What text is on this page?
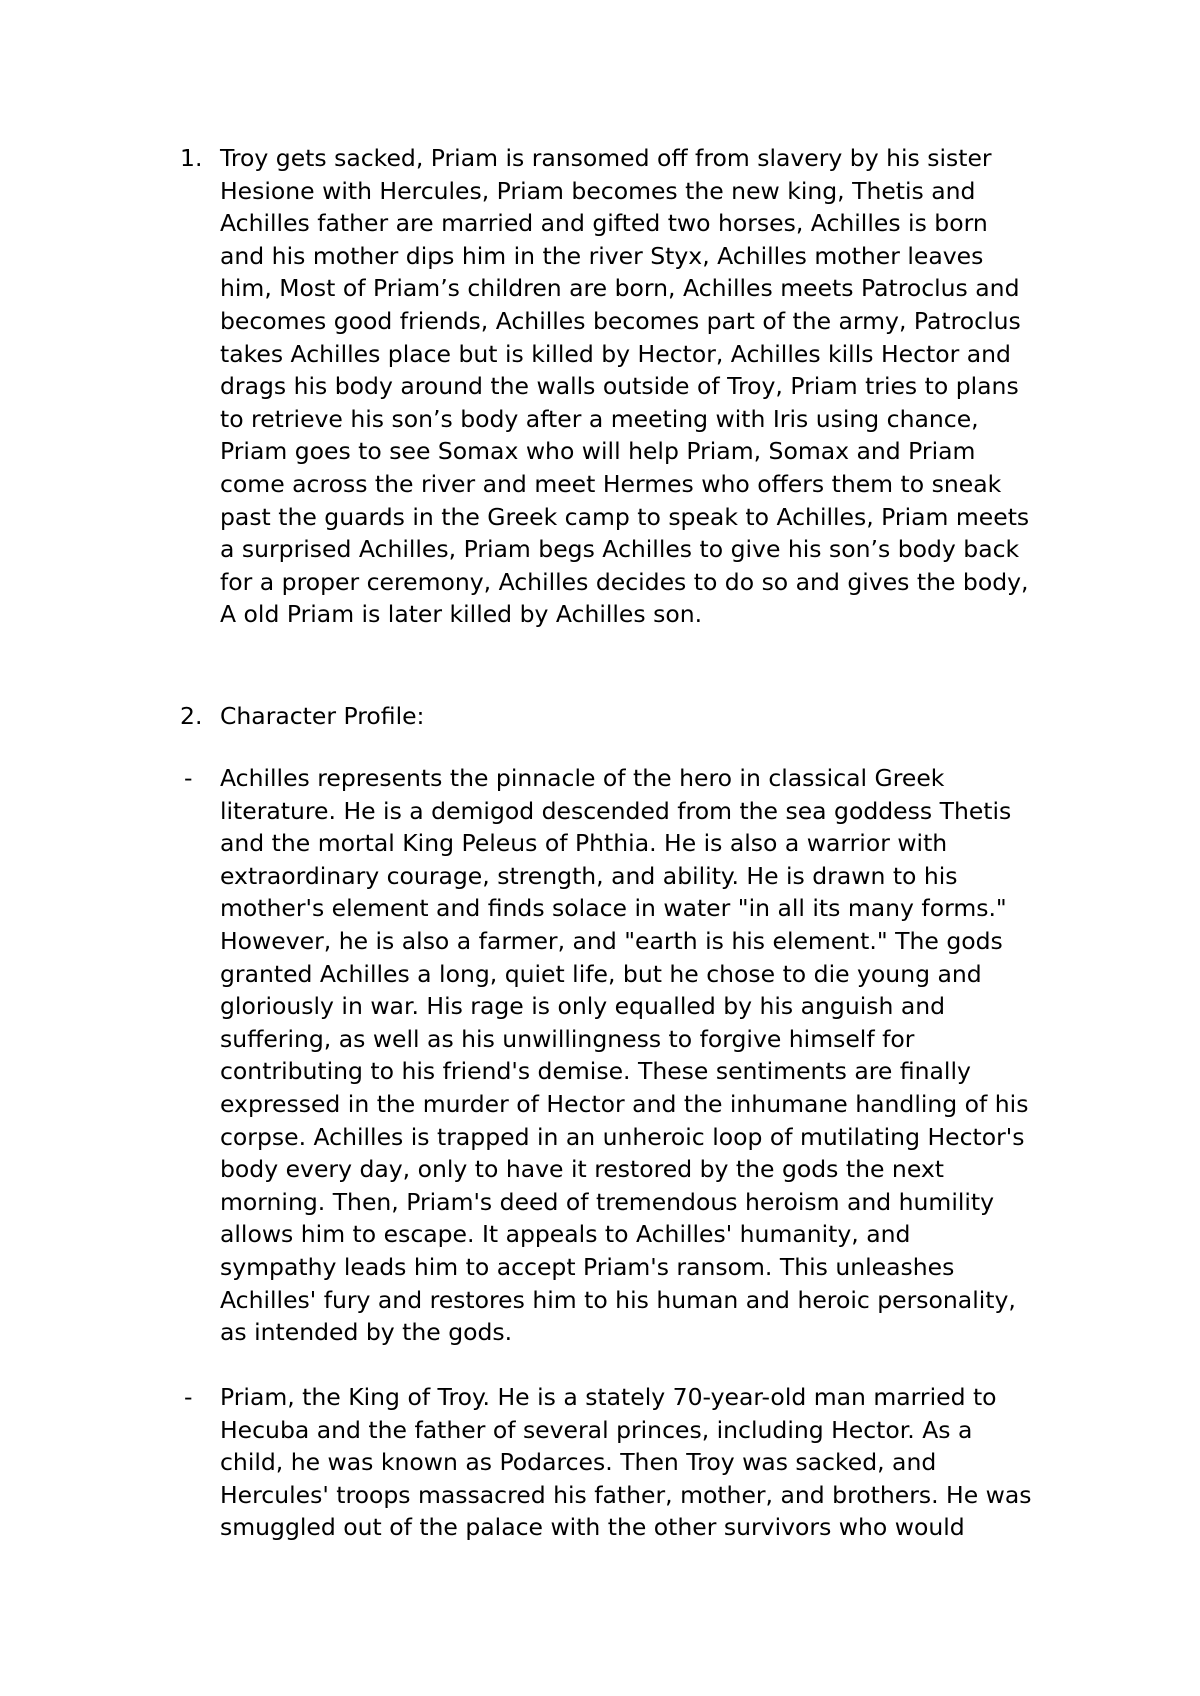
1. Troy gets sacked, Priam is ransomed off from slavery by his sister
Hesione with Hercules, Priam becomes the new king, Thetis and
Achilles father are married and gifted two horses, Achilles is born
and his mother dips him in the river Styx, Achilles mother leaves
him, Most of Priam’s children are born, Achilles meets Patroclus and
becomes good friends, Achilles becomes part of the army, Patroclus
takes Achilles place but is killed by Hector, Achilles kills Hector and
drags his body around the walls outside of Troy, Priam tries to plans
to retrieve his son’s body after a meeting with Iris using chance,
Priam goes to see Somax who will help Priam, Somax and Priam
come across the river and meet Hermes who offers them to sneak
past the guards in the Greek camp to speak to Achilles, Priam meets
a surprised Achilles, Priam begs Achilles to give his son’s body back
for a proper ceremony, Achilles decides to do so and gives the body,
A old Priam is later killed by Achilles son.
2. Character Profile:
- Achilles represents the pinnacle of the hero in classical Greek
literature. He is a demigod descended from the sea goddess Thetis
and the mortal King Peleus of Phthia. He is also a warrior with
extraordinary courage, strength, and ability. He is drawn to his
mother's element and finds solace in water "in all its many forms."
However, he is also a farmer, and "earth is his element." The gods
granted Achilles a long, quiet life, but he chose to die young and
gloriously in war. His rage is only equalled by his anguish and
suffering, as well as his unwillingness to forgive himself for
contributing to his friend's demise. These sentiments are finally
expressed in the murder of Hector and the inhumane handling of his
corpse. Achilles is trapped in an unheroic loop of mutilating Hector's
body every day, only to have it restored by the gods the next
morning. Then, Priam's deed of tremendous heroism and humility
allows him to escape. It appeals to Achilles' humanity, and
sympathy leads him to accept Priam's ransom. This unleashes
Achilles' fury and restores him to his human and heroic personality,
as intended by the gods.
- Priam, the King of Troy. He is a stately 70-year-old man married to
Hecuba and the father of several princes, including Hector. As a
child, he was known as Podarces. Then Troy was sacked, and
Hercules' troops massacred his father, mother, and brothers. He was
smuggled out of the palace with the other survivors who would
